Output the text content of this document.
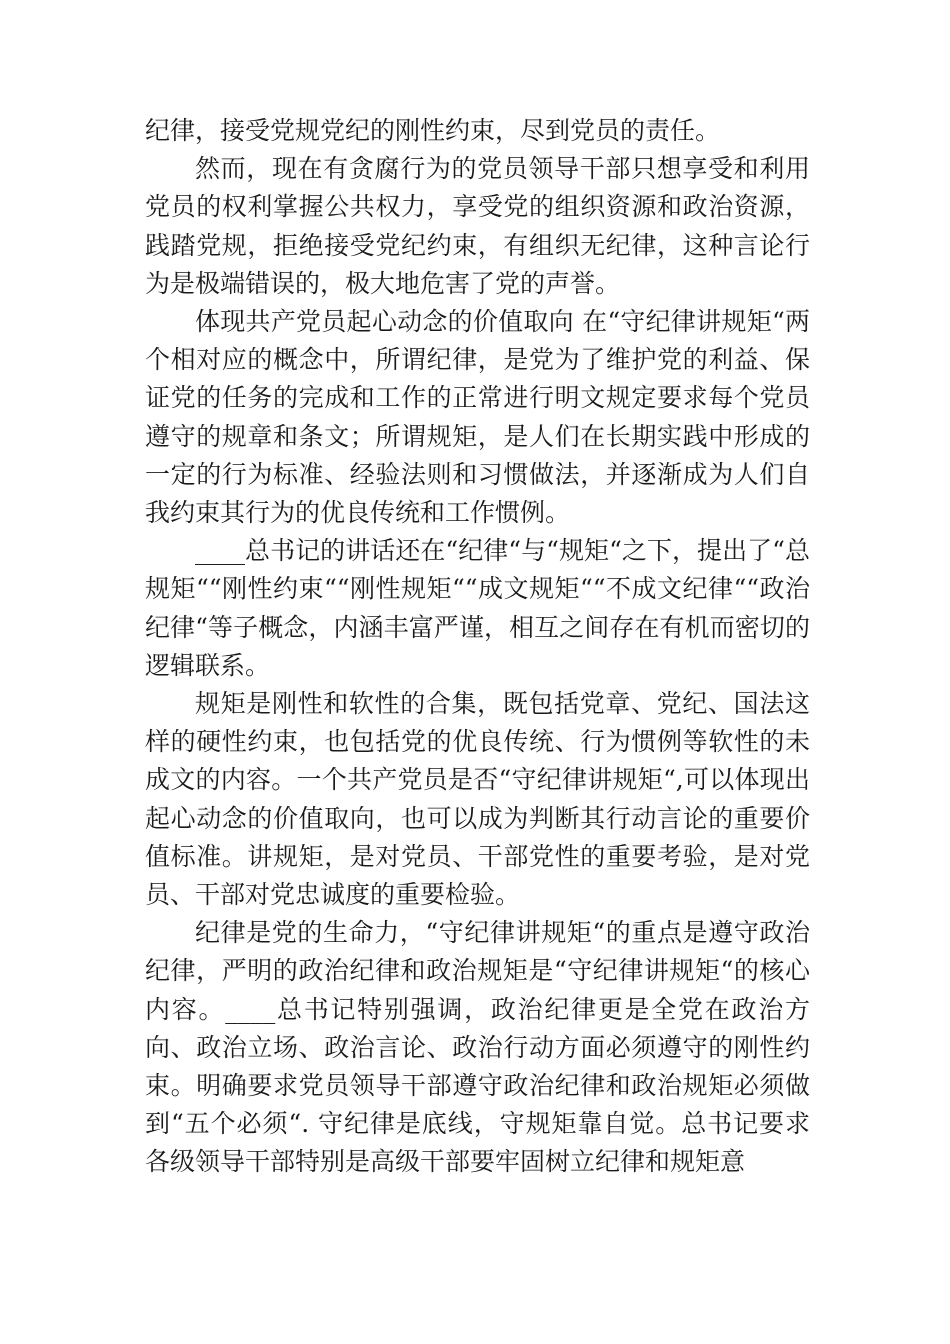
纪律，接受党规党纪的刚性约束，尽到党员的责任。

然而，现在有贪腐行为的党员领导干部只想享受和利用党员的权利掌握公共权力，享受党的组织资源和政治资源，践踏党规，拒绝接受党纪约束，有组织无纪律，这种言论行为是极端错误的，极大地危害了党的声誉。

体现共产党员起心动念的价值取向 在“守纪律讲规矩“两个相对应的概念中，所谓纪律，是党为了维护党的利益、保证党的任务的完成和工作的正常进行明文规定要求每个党员遵守的规章和条文；所谓规矩，是人们在长期实践中形成的一定的行为标准、经验法则和习惯做法，并逐渐成为人们自我约束其行为的优良传统和工作惯例。

____总书记的讲话还在“纪律“与“规矩“之下，提出了“总规矩““刚性约束““刚性规矩““成文规矩““不成文纪律““政治纪律“等子概念，内涵丰富严谨，相互之间存在有机而密切的逻辑联系。

规矩是刚性和软性的合集，既包括党章、党纪、国法这样的硬性约束，也包括党的优良传统、行为惯例等软性的未成文的内容。一个共产党员是否“守纪律讲规矩“,可以体现出起心动念的价值取向，也可以成为判断其行动言论的重要价值标准。讲规矩，是对党员、干部党性的重要考验，是对党员、干部对党忠诚度的重要检验。

纪律是党的生命力，“守纪律讲规矩“的重点是遵守政治纪律，严明的政治纪律和政治规矩是“守纪律讲规矩“的核心内容。____总书记特别强调，政治纪律更是全党在政治方向、政治立场、政治言论、政治行动方面必须遵守的刚性约束。明确要求党员领导干部遵守政治纪律和政治规矩必须做到“五个必须“. 守纪律是底线，守规矩靠自觉。总书记要求各级领导干部特别是高级干部要牢固树立纪律和规矩意
